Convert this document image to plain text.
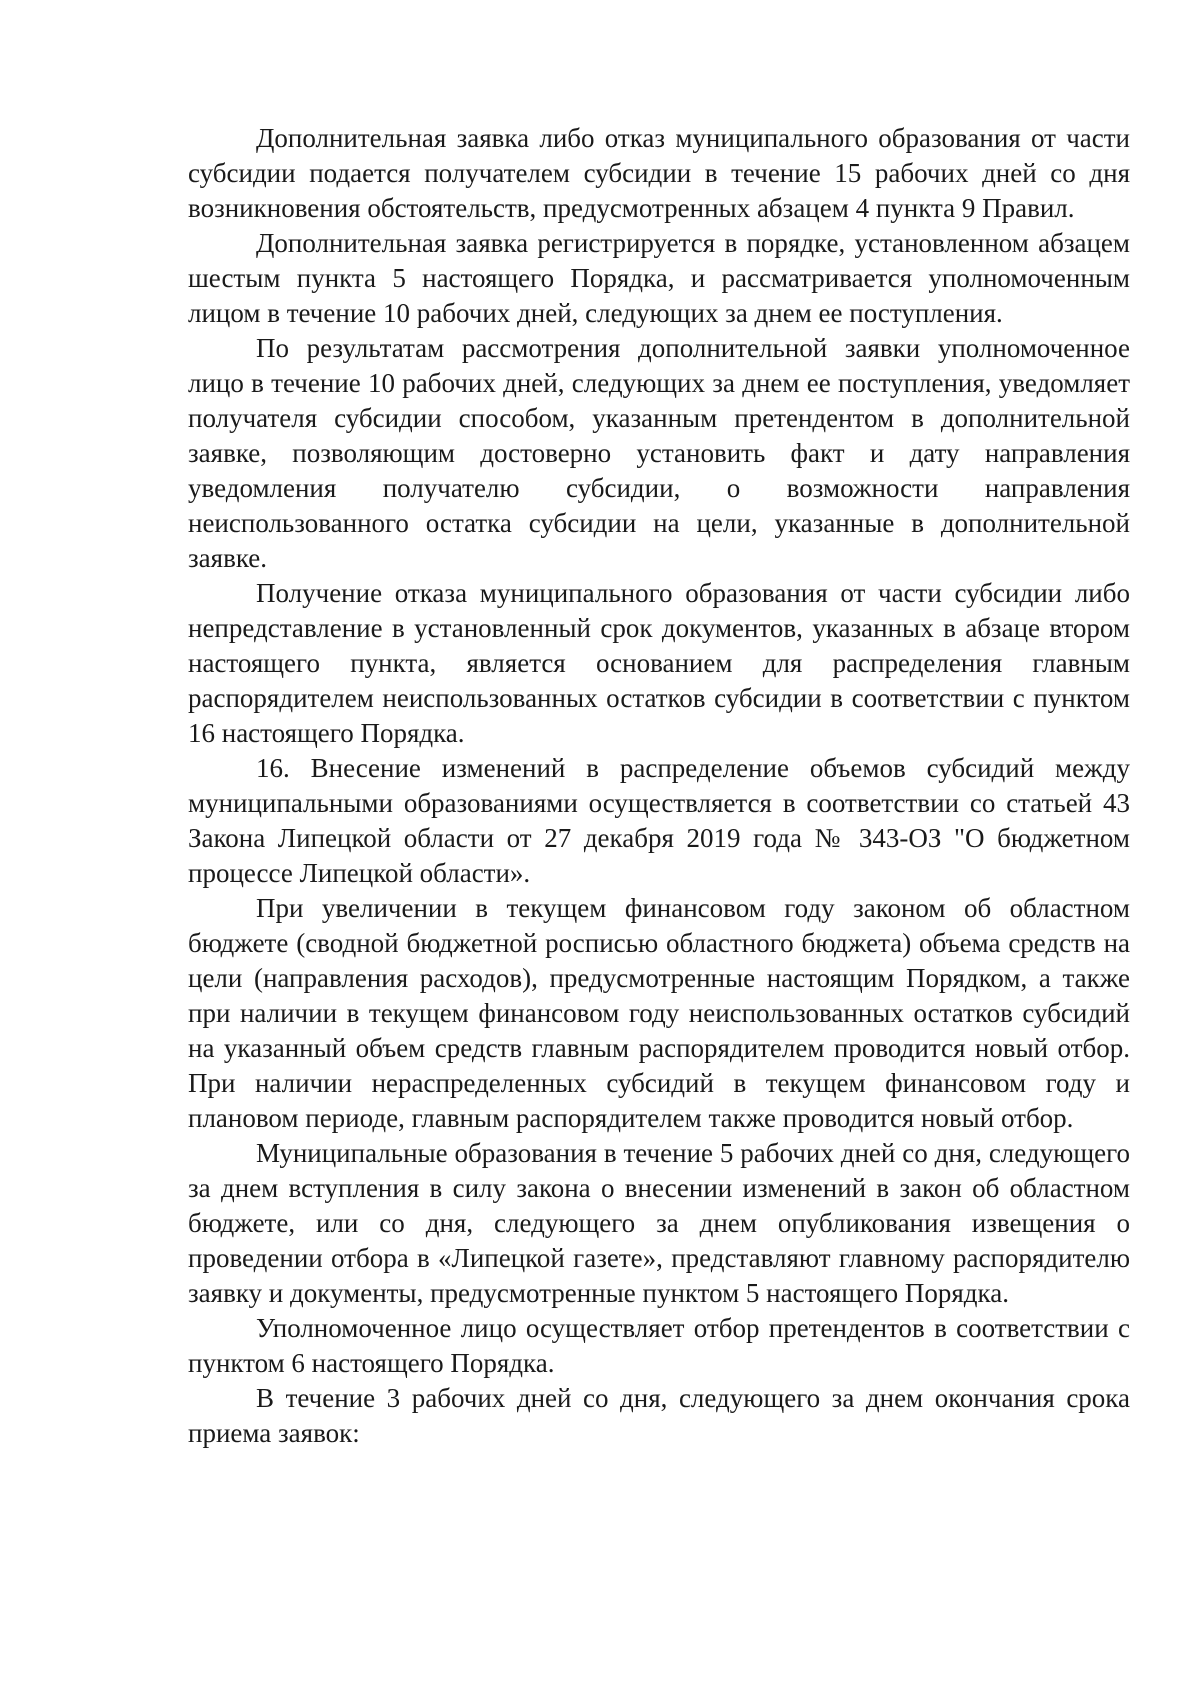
Дополнительная заявка либо отказ муниципального образования от части субсидии подается получателем субсидии в течение 15 рабочих дней со дня возникновения обстоятельств, предусмотренных абзацем 4 пункта 9 Правил.

Дополнительная заявка регистрируется в порядке, установленном абзацем шестым пункта 5 настоящего Порядка, и рассматривается уполномоченным лицом в течение 10 рабочих дней, следующих за днем ее поступления.

По результатам рассмотрения дополнительной заявки уполномоченное лицо в течение 10 рабочих дней, следующих за днем ее поступления, уведомляет получателя субсидии способом, указанным претендентом в дополнительной заявке, позволяющим достоверно установить факт и дату направления уведомления получателю субсидии, о возможности направления неиспользованного остатка субсидии на цели, указанные в дополнительной заявке.

Получение отказа муниципального образования от части субсидии либо непредставление в установленный срок документов, указанных в абзаце втором настоящего пункта, является основанием для распределения главным распорядителем неиспользованных остатков субсидии в соответствии с пунктом 16 настоящего Порядка.

16. Внесение изменений в распределение объемов субсидий между муниципальными образованиями осуществляется в соответствии со статьей 43 Закона Липецкой области от 27 декабря 2019 года № 343-ОЗ "О бюджетном процессе Липецкой области».

При увеличении в текущем финансовом году законом об областном бюджете (сводной бюджетной росписью областного бюджета) объема средств на цели (направления расходов), предусмотренные настоящим Порядком, а также при наличии в текущем финансовом году неиспользованных остатков субсидий на указанный объем средств главным распорядителем проводится новый отбор. При наличии нераспределенных субсидий в текущем финансовом году и плановом периоде, главным распорядителем также проводится новый отбор.

Муниципальные образования в течение 5 рабочих дней со дня, следующего за днем вступления в силу закона о внесении изменений в закон об областном бюджете, или со дня, следующего за днем опубликования извещения о проведении отбора в «Липецкой газете», представляют главному распорядителю заявку и документы, предусмотренные пунктом 5 настоящего Порядка.

Уполномоченное лицо осуществляет отбор претендентов в соответствии с пунктом 6 настоящего Порядка.

В течение 3 рабочих дней со дня, следующего за днем окончания срока приема заявок:
